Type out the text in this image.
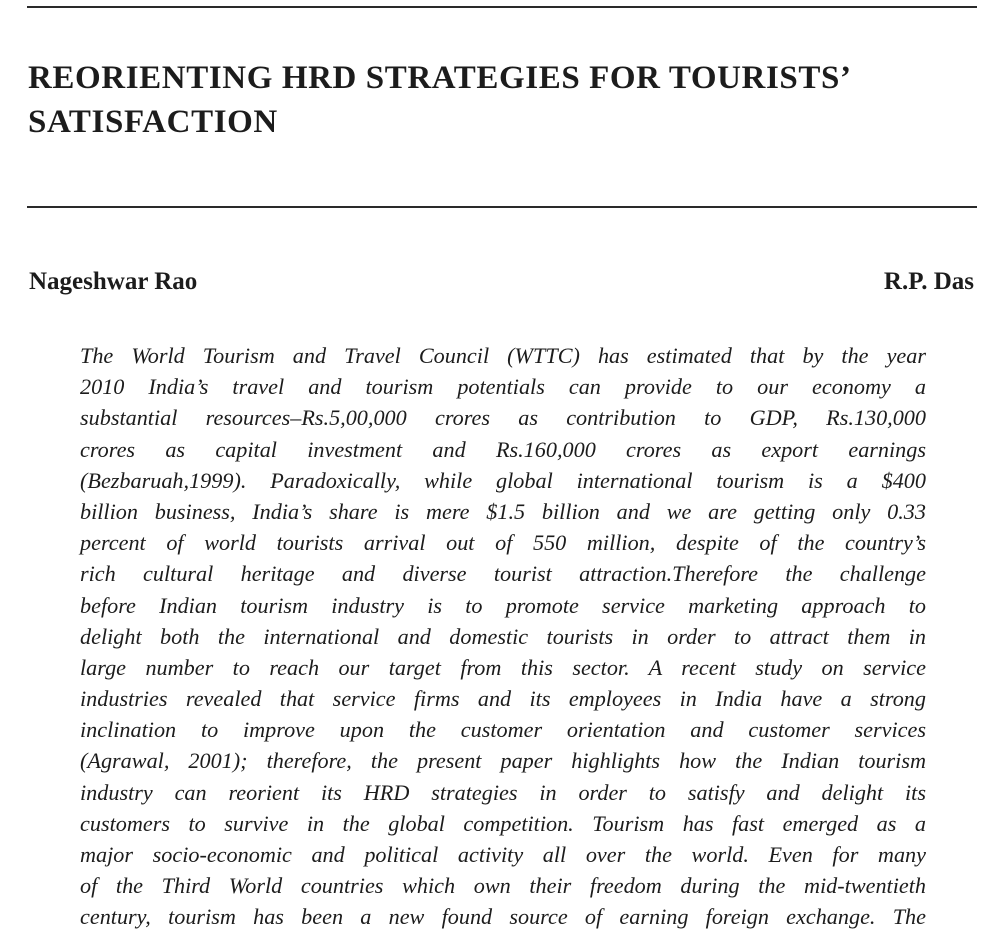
REORIENTING HRD STRATEGIES FOR TOURISTS’
SATISFACTION
Nageshwar Rao	R.P. Das
The World Tourism and Travel Council (WTTC) has estimated that by the year
2010 India’s travel and tourism potentials can provide to our economy a
substantial resources–Rs.5,00,000 crores as contribution to GDP, Rs.130,000
crores as capital investment and Rs.160,000 crores as export earnings
(Bezbaruah,1999). Paradoxically, while global international tourism is a $400
billion business, India’s share is mere $1.5 billion and we are getting only 0.33
percent of world tourists arrival out of 550 million, despite of the country’s
rich cultural heritage and diverse tourist attraction.Therefore the challenge
before Indian tourism industry is to promote service marketing approach to
delight both the international and domestic tourists in order to attract them in
large number to reach our target from this sector. A recent study on service
industries revealed that service firms and its employees in India have a strong
inclination to improve upon the customer orientation and customer services
(Agrawal, 2001); therefore, the present paper highlights how the Indian tourism
industry can reorient its HRD strategies in order to satisfy and delight its
customers to survive in the global competition. Tourism has fast emerged as a
major socio-economic and political activity all over the world. Even for many
of the Third World countries which own their freedom during the mid-twentieth
century, tourism has been a new found source of earning foreign exchange. The
